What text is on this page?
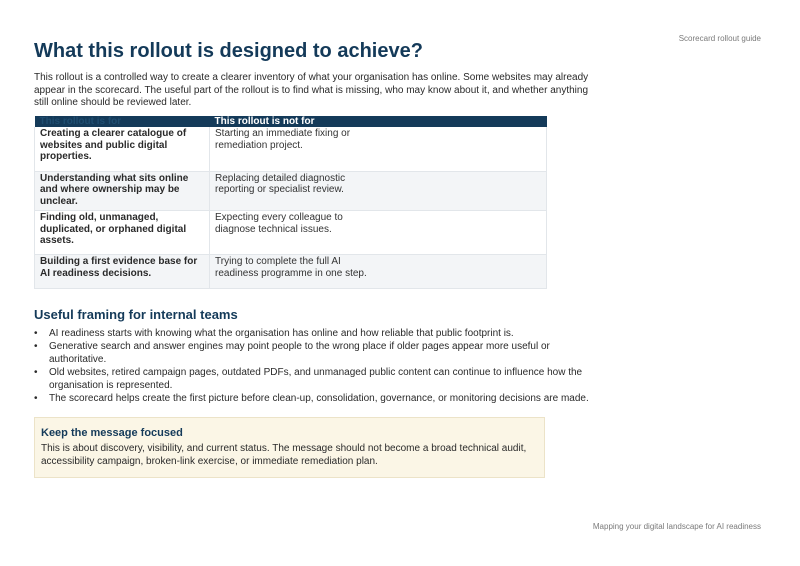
Scorecard rollout guide
What this rollout is designed to achieve?

This rollout is a controlled way to create a clearer inventory of what your organisation has online. Some websites may already appear in the scorecard. The useful part of the rollout is to find what is missing, who may know about it, and whether anything still online should be reviewed later.

This rollout is for	This rollout is not for

Creating a clearer catalogue of websites and public digital properties.	Starting an immediate fixing or remediation project.

Understanding what sits online and where ownership may be unclear.	Replacing detailed diagnostic reporting or specialist review.

Finding old, unmanaged, duplicated, or orphaned digital assets.	Expecting every colleague to diagnose technical issues.

Building a first evidence base for AI readiness decisions.	Trying to complete the full AI readiness programme in one step.
Useful framing for internal teams
• AI readiness starts with knowing what the organisation has online and how reliable that public footprint is.
• Generative search and answer engines may point people to the wrong place if older pages appear more useful or authoritative.
• Old websites, retired campaign pages, outdated PDFs, and unmanaged public content can continue to influence how the organisation is represented.
• The scorecard helps create the first picture before clean-up, consolidation, governance, or monitoring decisions are made.
Keep the message focused

This is about discovery, visibility, and current status. The message should not become a broad technical audit, accessibility campaign, broken-link exercise, or immediate remediation plan.

Mapping your digital landscape for AI readiness
